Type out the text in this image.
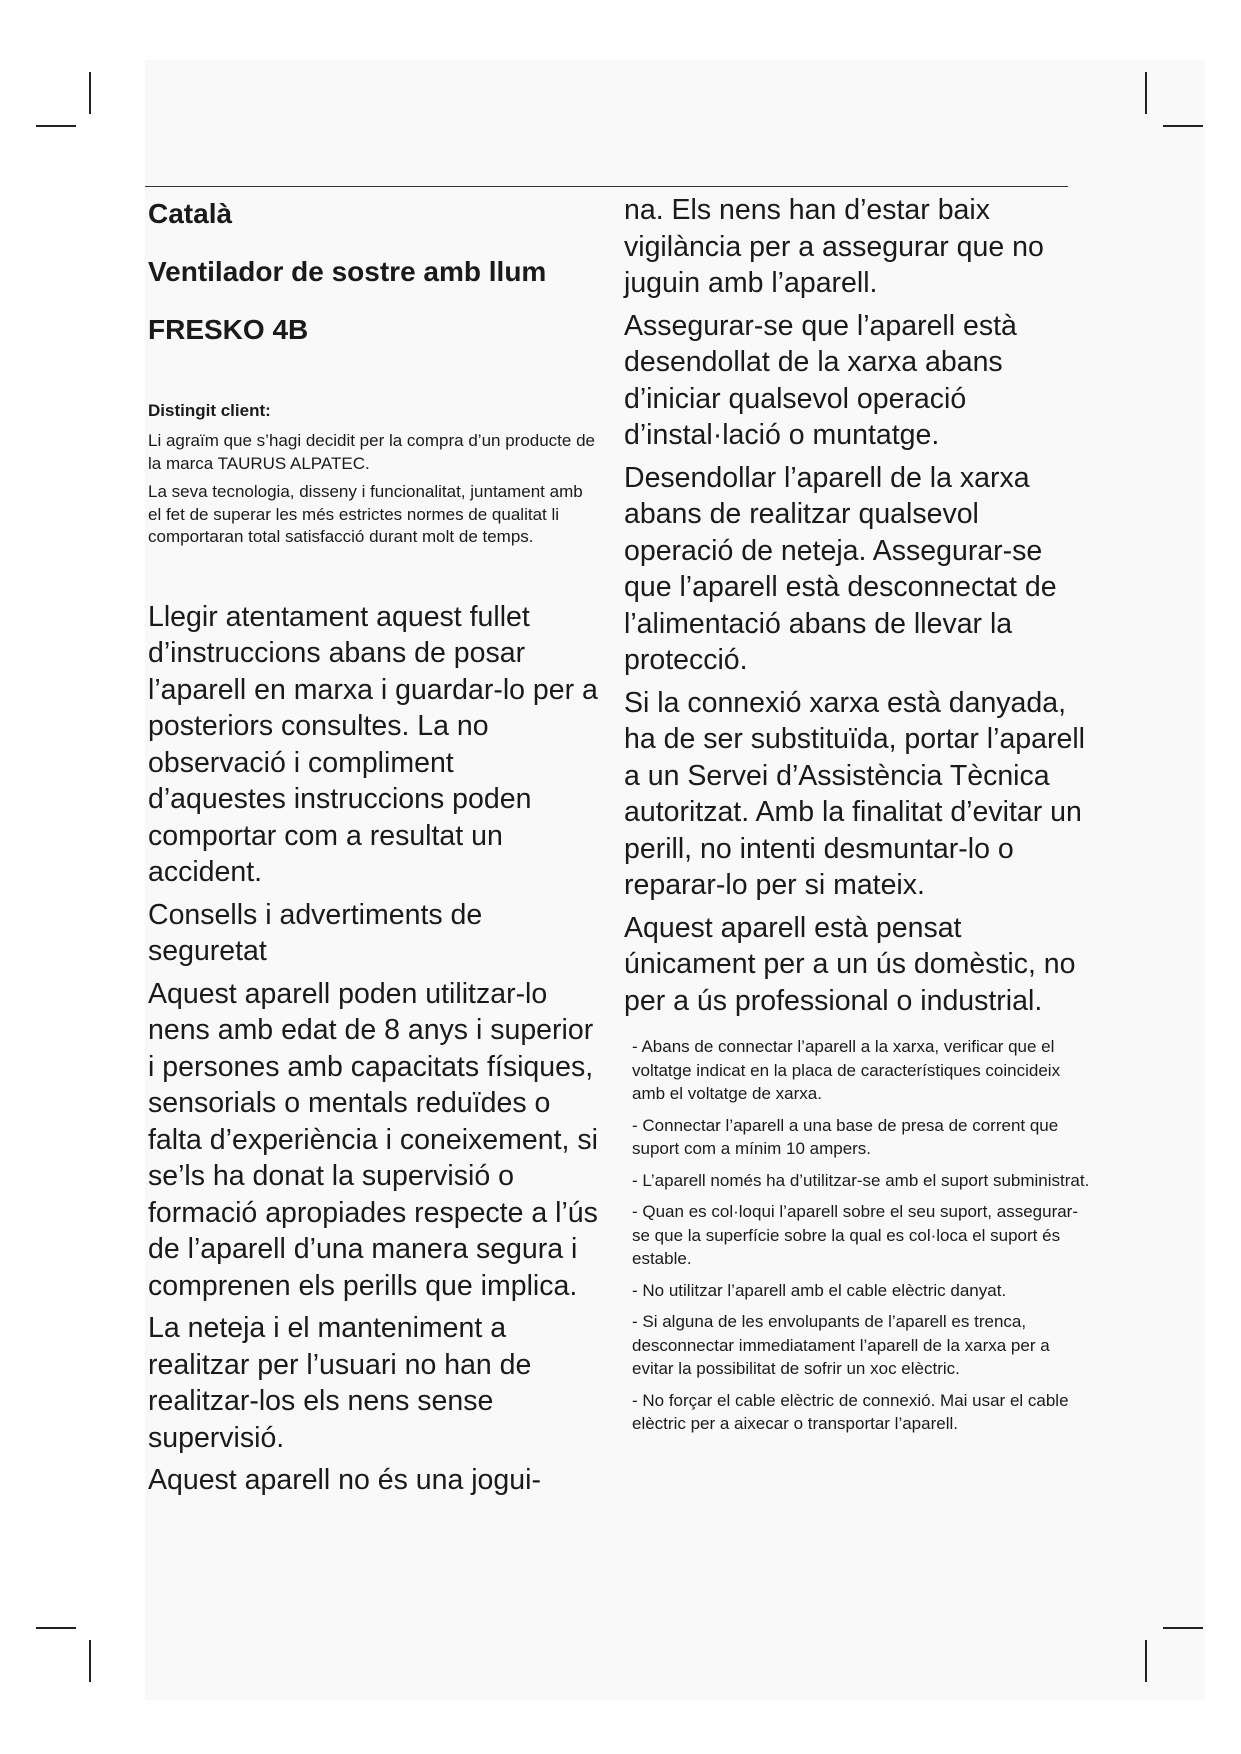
Català
Ventilador de sostre amb llum
FRESKO 4B
Distingit client:

Li agraïm que s’hagi decidit per la compra d’un producte de la marca TAURUS ALPATEC.

La seva tecnologia, disseny i funcionalitat, juntament amb el fet de superar les més estrictes normes de qualitat li comportaran total satisfacció durant molt de temps.

Llegir atentament aquest fullet d’instruccions abans de posar l’aparell en marxa i guardar-lo per a posteriors consultes. La no observació i compliment d’aquestes instruccions poden comportar com a resultat un accident.

Consells i advertiments de seguretat

Aquest aparell poden utilitzar-lo nens amb edat de 8 anys i superior i persones amb capacitats físiques, sensorials o mentals reduïdes o falta d’experiència i coneixement, si se’ls ha donat la supervisió o formació apropiades respecte a l’ús de l’aparell d’una manera segura i comprenen els perills que implica.

La neteja i el manteniment a realitzar per l’usuari no han de realitzar-los els nens sense supervisió.

Aquest aparell no és una jogui-

na. Els nens han d’estar baix vigilància per a assegurar que no juguin amb l’aparell.

Assegurar-se que l’aparell està desendollat de la xarxa abans d’iniciar qualsevol operació d’instal·lació o muntatge.

Desendollar l’aparell de la xarxa abans de realitzar qualsevol operació de neteja. Assegurar-se que l’aparell està desconnectat de l’alimentació abans de llevar la protecció.

Si la connexió xarxa està danyada, ha de ser substituïda, portar l’aparell a un Servei d’Assistència Tècnica autoritzat. Amb la finalitat d’evitar un perill, no intenti desmuntar-lo o reparar-lo per si mateix.

Aquest aparell està pensat únicament per a un ús domèstic, no per a ús professional o industrial.

- Abans de connectar l’aparell a la xarxa, verificar que el voltatge indicat en la placa de característiques coincideix amb el voltatge de xarxa.
- Connectar l’aparell a una base de presa de corrent que suport com a mínim 10 ampers.
- L’aparell només ha d’utilitzar-se amb el suport subministrat.
- Quan es col·loqui l’aparell sobre el seu suport, assegurar-se que la superfície sobre la qual es col·loca el suport és estable.
- No utilitzar l’aparell amb el cable elèctric danyat.
- Si alguna de les envolupants de l’aparell es trenca, desconnectar immediatament l’aparell de la xarxa per a evitar la possibilitat de sofrir un xoc elèctric.
- No forçar el cable elèctric de connexió. Mai usar el cable elèctric per a aixecar o transportar l’aparell.
